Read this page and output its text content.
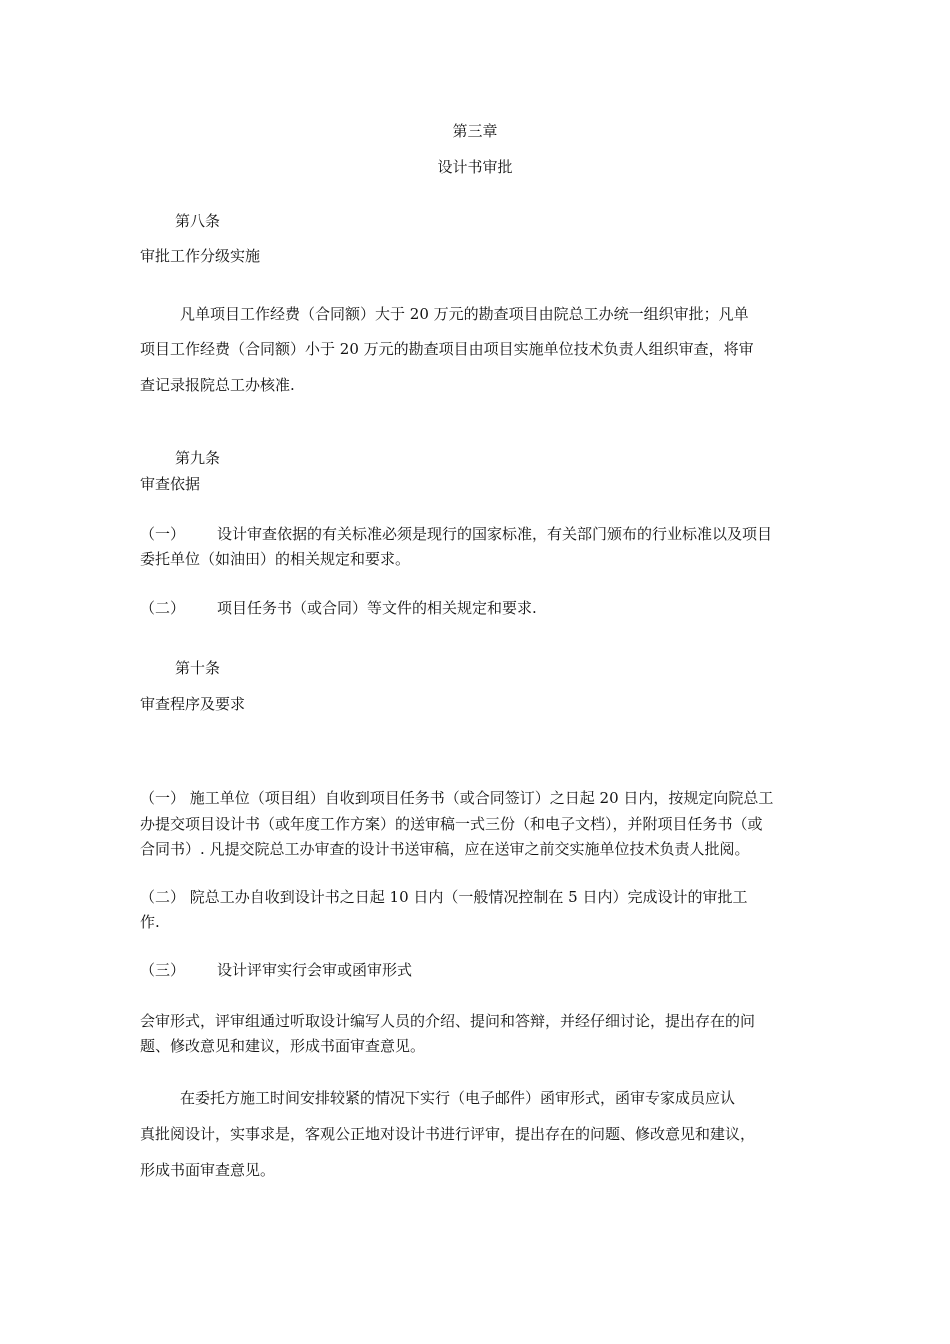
第三章
设计书审批
第八条
审批工作分级实施
凡单项目工作经费（合同额）大于 20 万元的勘查项目由院总工办统一组织审批；凡单
项目工作经费（合同额）小于 20 万元的勘查项目由项目实施单位技术负责人组织审查，将审
查记录报院总工办核准.
第九条
审查依据
（一） 设计审查依据的有关标准必须是现行的国家标准，有关部门颁布的行业标准以及项目
委托单位（如油田）的相关规定和要求。
（二） 项目任务书（或合同）等文件的相关规定和要求.
第十条
审查程序及要求
（一） 施工单位（项目组）自收到项目任务书（或合同签订）之日起 20 日内，按规定向院总工
办提交项目设计书（或年度工作方案）的送审稿一式三份（和电子文档），并附项目任务书（或
合同书）. 凡提交院总工办审查的设计书送审稿，应在送审之前交实施单位技术负责人批阅。
（二） 院总工办自收到设计书之日起 10 日内（一般情况控制在 5 日内）完成设计的审批工
作.
（三） 设计评审实行会审或函审形式
会审形式，评审组通过听取设计编写人员的介绍、提问和答辩，并经仔细讨论，提出存在的问
题、修改意见和建议，形成书面审查意见。
在委托方施工时间安排较紧的情况下实行（电子邮件）函审形式，函审专家成员应认
真批阅设计，实事求是，客观公正地对设计书进行评审，提出存在的问题、修改意见和建议，
形成书面审查意见。
